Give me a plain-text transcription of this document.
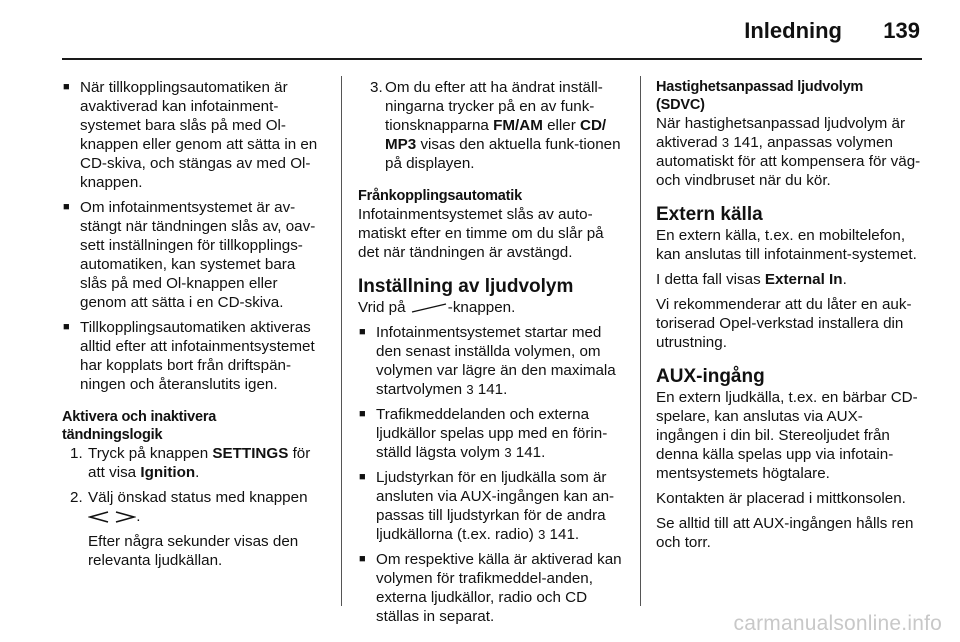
Inledning 139
■ När tillkopplingsautomatiken är avaktiverad kan infotainment-systemet bara slås på med Ol-knappen eller genom att sätta in en CD-skiva, och stängas av med Ol-knappen.
■ Om infotainmentsystemet är av-stängt när tändningen slås av, oav-sett inställningen för tillkopplings-automatiken, kan systemet bara slås på med Ol-knappen eller genom att sätta i en CD-skiva.
■ Tillkopplingsautomatiken aktiveras alltid efter att infotainmentsystemet har kopplats bort från driftspän-ningen och återanslutits igen.
Aktivera och inaktivera
tändningslogik
1. Tryck på knappen SETTINGS för att visa Ignition.
2. Välj önskad status med knappen
.

Efter några sekunder visas den relevanta ljudkällan.

3. Om du efter att ha ändrat inställ-ningarna trycker på en av funk-tionsknapparna FM/AM eller CD/ MP3 visas den aktuella funk-tionen på displayen.
Frånkopplingsautomatik

Infotainmentsystemet slås av auto-matiskt efter en timme om du slår på det när tändningen är avstängd.

Inställning av ljudvolym

Vrid på	-knappen.

■ Infotainmentsystemet startar med den senast inställda volymen, om volymen var lägre än den maximala startvolymen 3 141.
■ Trafikmeddelanden och externa ljudkällor spelas upp med en förin-ställd lägsta volym 3 141.
■ Ljudstyrkan för en ljudkälla som är ansluten via AUX-ingången kan an-passas till ljudstyrkan för de andra ljudkällorna (t.ex. radio) 3 141.
■ Om respektive källa är aktiverad kan volymen för trafikmeddel-anden, externa ljudkällor, radio och CD ställas in separat.
Hastighetsanpassad ljudvolym
(SDVC)

När hastighetsanpassad ljudvolym är aktiverad 3 141, anpassas volymen automatiskt för att kompensera för väg- och vindbruset när du kör.

Extern källa

En extern källa, t.ex. en mobiltelefon, kan anslutas till infotainment-systemet.

I detta fall visas External In.

Vi rekommenderar att du låter en auk-toriserad Opel-verkstad installera din utrustning.

AUX-ingång

En extern ljudkälla, t.ex. en bärbar CD-spelare, kan anslutas via AUX-ingången i din bil. Stereoljudet från denna källa spelas upp via infotain-mentsystemets högtalare.

Kontakten är placerad i mittkonsolen.

Se alltid till att AUX-ingången hålls ren och torr.

carmanualsonline.info
